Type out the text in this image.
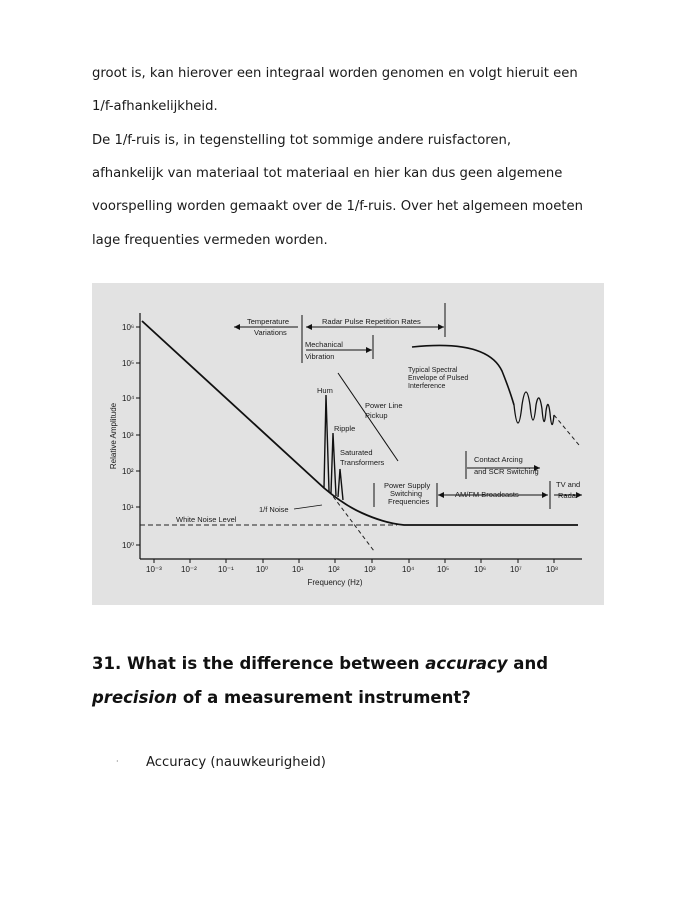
groot is, kan hierover een integraal worden genomen en volgt hieruit een

1/f-afhankelijkheid.

De 1/f-ruis is, in tegenstelling tot sommige andere ruisfactoren,

afhankelijk van materiaal tot materiaal en hier kan dus geen algemene

voorspelling worden gemaakt over de 1/f-ruis. Over het algemeen moeten

lage frequenties vermeden worden.

10⁶
10⁵
10⁴
10³
10²
10¹
10⁰
10⁻³ 10⁻²	10⁻¹	10⁰	10¹	10²	10³	10⁴	10⁵	10⁶	10⁷	10⁸
Frequency (Hz)
Relative Amplitude
Temperature
Variations
Radar Pulse Repetition Rates
Mechanical
Vibration
Typical Spectral
Envelope of Pulsed
Interference
Hum
Power Line
Pickup
Ripple
Saturated
Transformers	Contact Arcing
and SCR Switching
Power Supply
Switching
Frequencies
AM/FM Broadcasts
TV and
Radar
1/f Noise
White Noise Level
31. What is the difference between accuracy and
precision of a measurement instrument?
· Accuracy (nauwkeurigheid)
